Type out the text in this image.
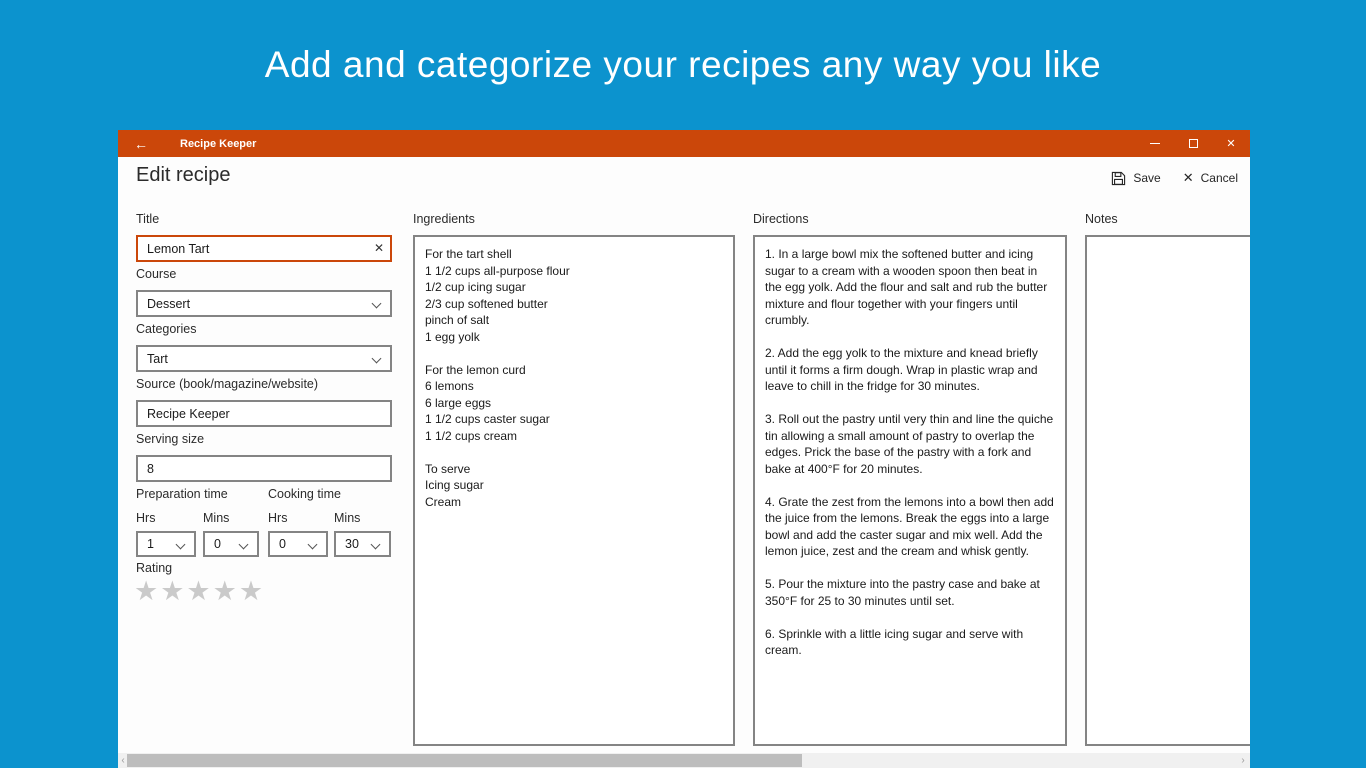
Add and categorize your recipes any way you like
←	Recipe Keeper	✕
Edit recipe	Save ✕ Cancel
Title
Lemon Tart
✕
Course
Dessert
Categories
Tart
Source (book/magazine/website)
Recipe Keeper
Serving size
8
Preparation time	Cooking time
Hrs	Mins	Hrs	Mins
1	0	0	30
Rating
★★★★★
Ingredients
For the tart shell 1 1/2 cups all-purpose flour 1/2 cup icing sugar 2/3 cup softened butter pinch of salt 1 egg yolk For the lemon curd 6 lemons 6 large eggs 1 1/2 cups caster sugar 1 1/2 cups cream To serve Icing sugar Cream	Directions
1. In a large bowl mix the softened butter and icing sugar to a cream with a wooden spoon then beat in the egg yolk. Add the flour and salt and rub the butter mixture and flour together with your fingers until crumbly. 2. Add the egg yolk to the mixture and knead briefly until it forms a firm dough. Wrap in plastic wrap and leave to chill in the fridge for 30 minutes. 3. Roll out the pastry until very thin and line the quiche tin allowing a small amount of pastry to overlap the edges. Prick the base of the pastry with a fork and bake at 400°F for 20 minutes. 4. Grate the zest from the lemons into a bowl then add the juice from the lemons. Break the eggs into a large bowl and add the caster sugar and mix well. Add the lemon juice, zest and the cream and whisk gently. 5. Pour the mixture into the pastry case and bake at 350°F for 25 to 30 minutes until set. 6. Sprinkle with a little icing sugar and serve with cream.	Notes
‹	›
